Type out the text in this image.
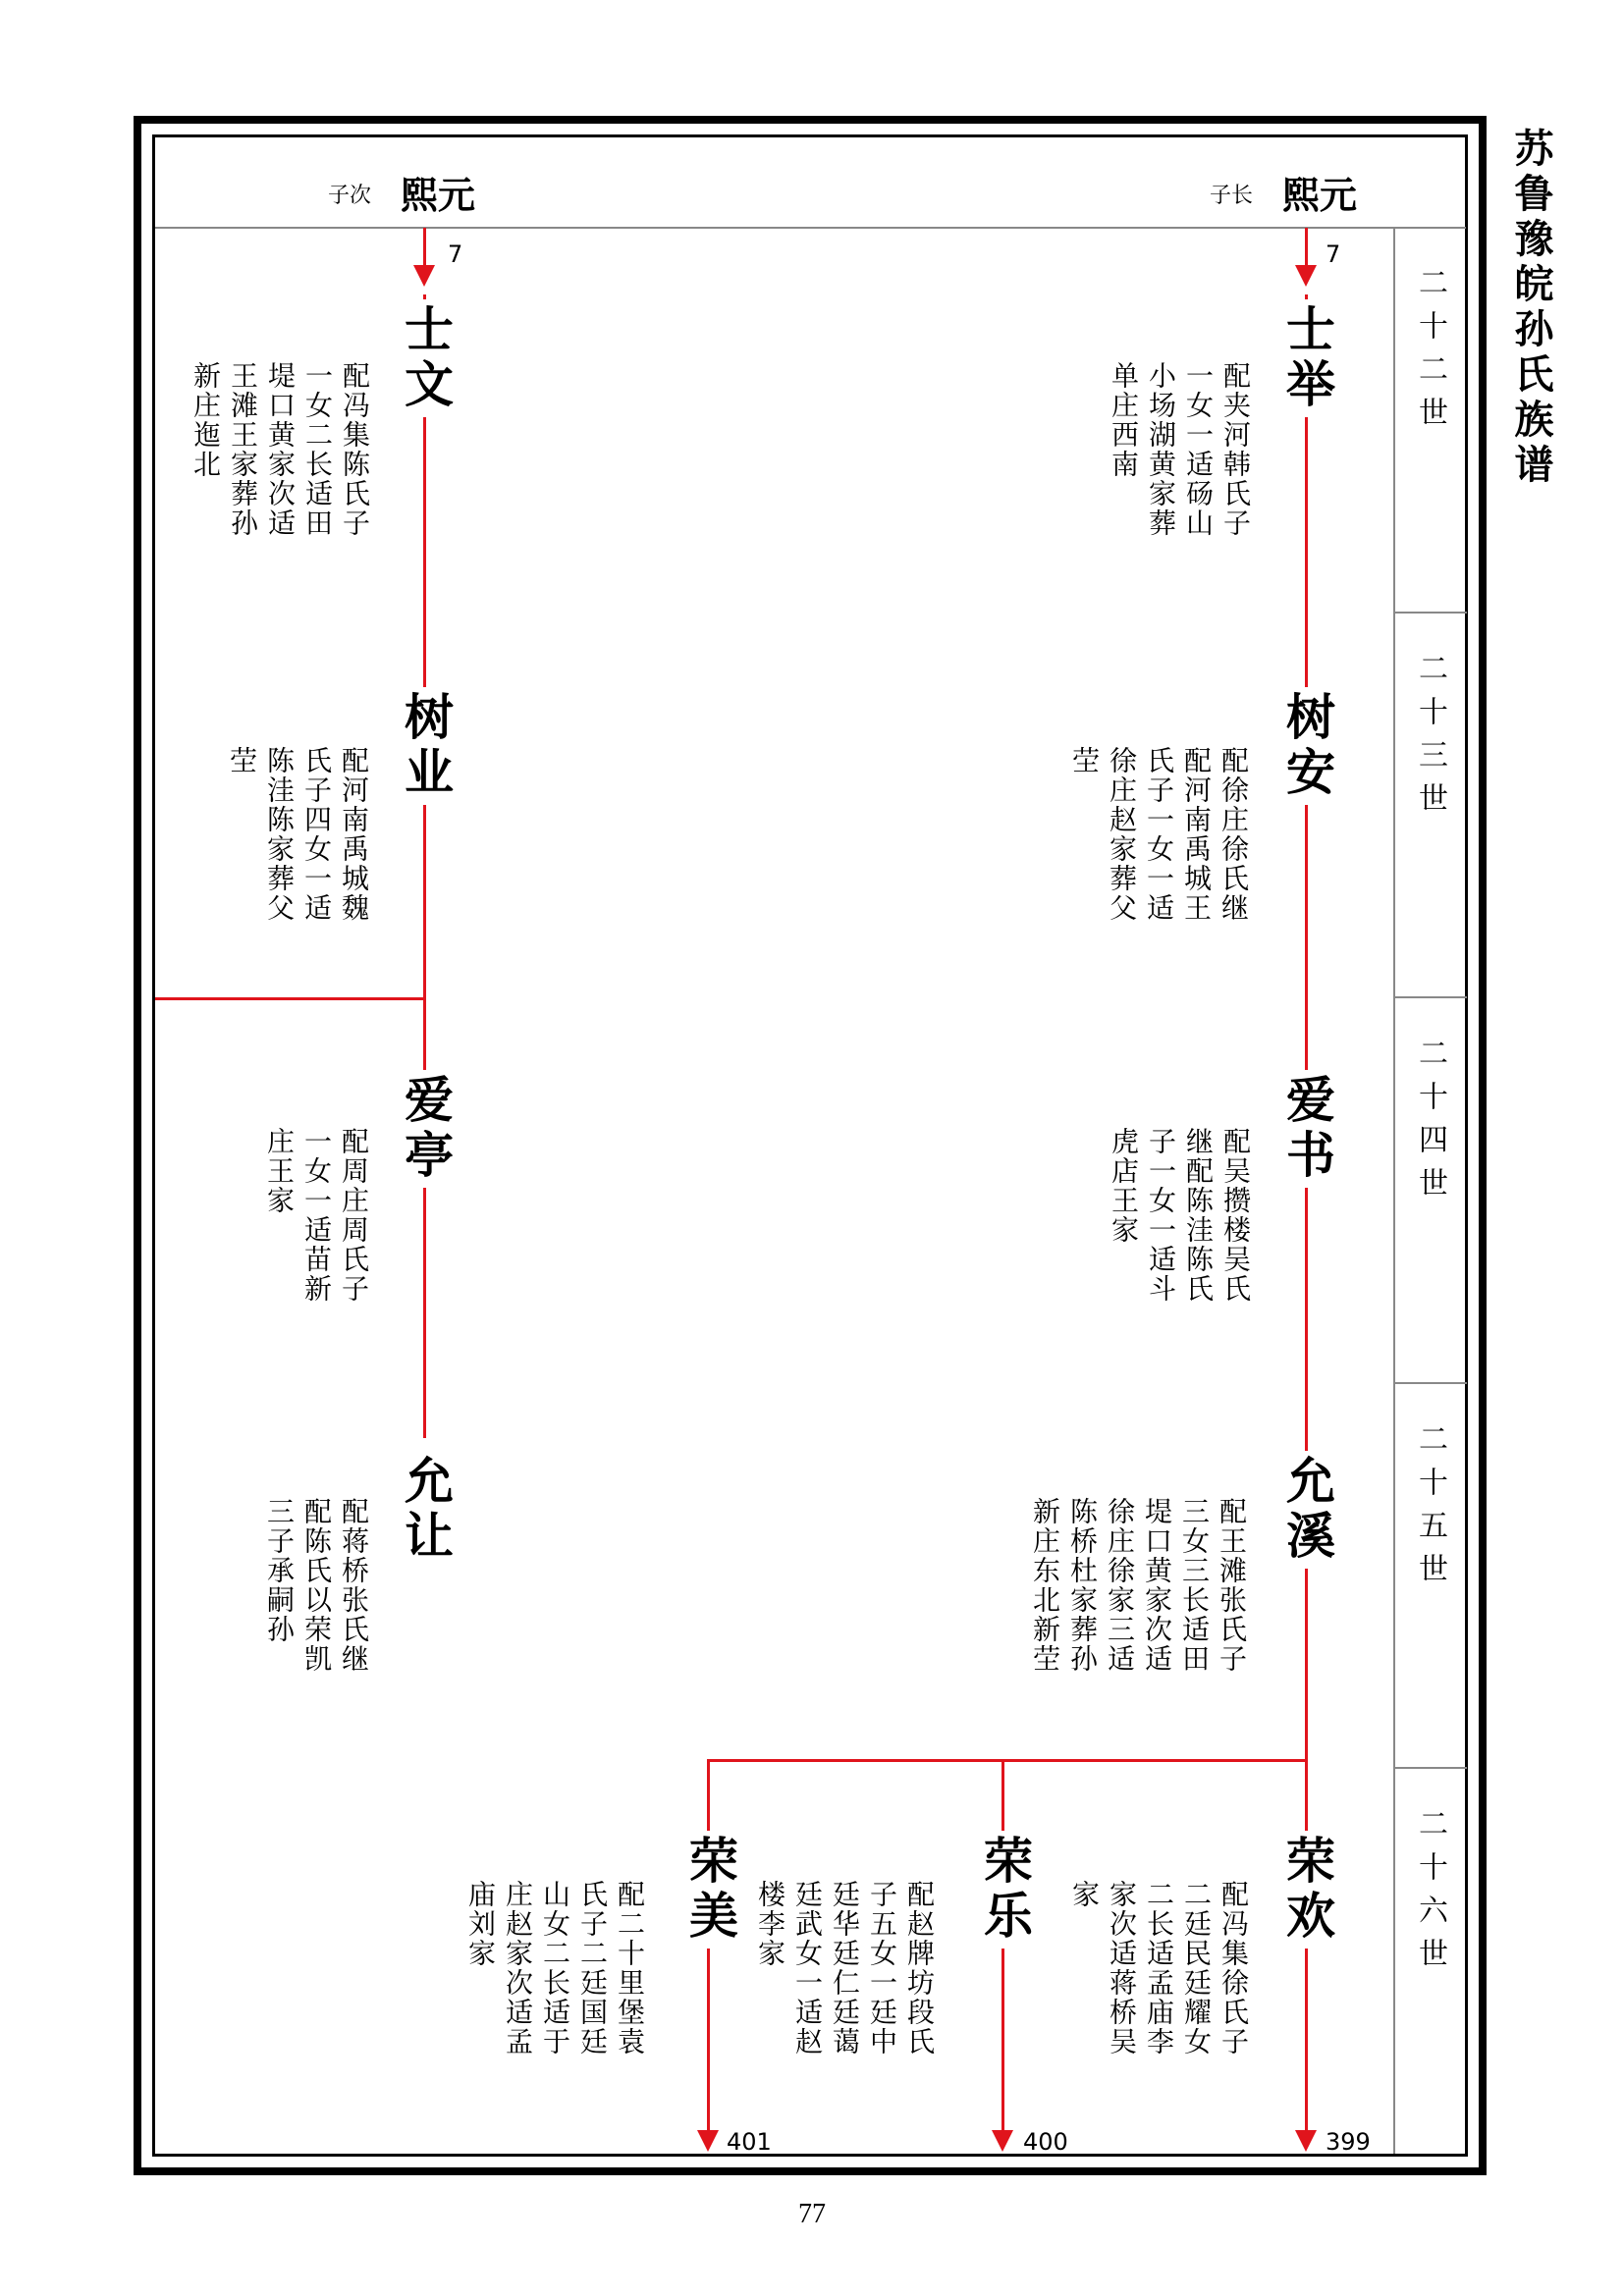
苏鲁豫皖孙氏族谱
二十二世
二十三世
二十四世
二十五世
二十六世
子长 熙元
子次 熙元
7
7
399
400
401
士举
配夹河韩氏子
一女一适砀山
小场湖黄家葬
单庄西南
树安
配徐庄徐氏继
配河南禹城王
氏子一女一适
徐庄赵家葬父
茔
爱书
配吴攒楼吴氏
继配陈洼陈氏
子一女一适斗
虎店王家
允溪
配王滩张氏子
三女三长适田
堤口黄家次适
徐庄徐家三适
陈桥杜家葬孙
新庄东北新茔
士文
配冯集陈氏子
一女二长适田
堤口黄家次适
王滩王家葬孙
新庄迤北
树业
配河南禹城魏
氏子四女一适
陈洼陈家葬父
茔
爱亭
配周庄周氏子
一女一适苗新
庄王家
允让
配蒋桥张氏继
配陈氏以荣凯
三子承嗣孙
荣欢
配冯集徐氏子
二廷民廷耀女
二长适孟庙李
家次适蒋桥吴
家
荣乐
配赵牌坊段氏
子五女一廷中
廷华廷仁廷蔼
廷武女一适赵
楼李家
荣美
配二十里堡袁
氏子二廷国廷
山女二长适于
庄赵家次适孟
庙刘家
77
